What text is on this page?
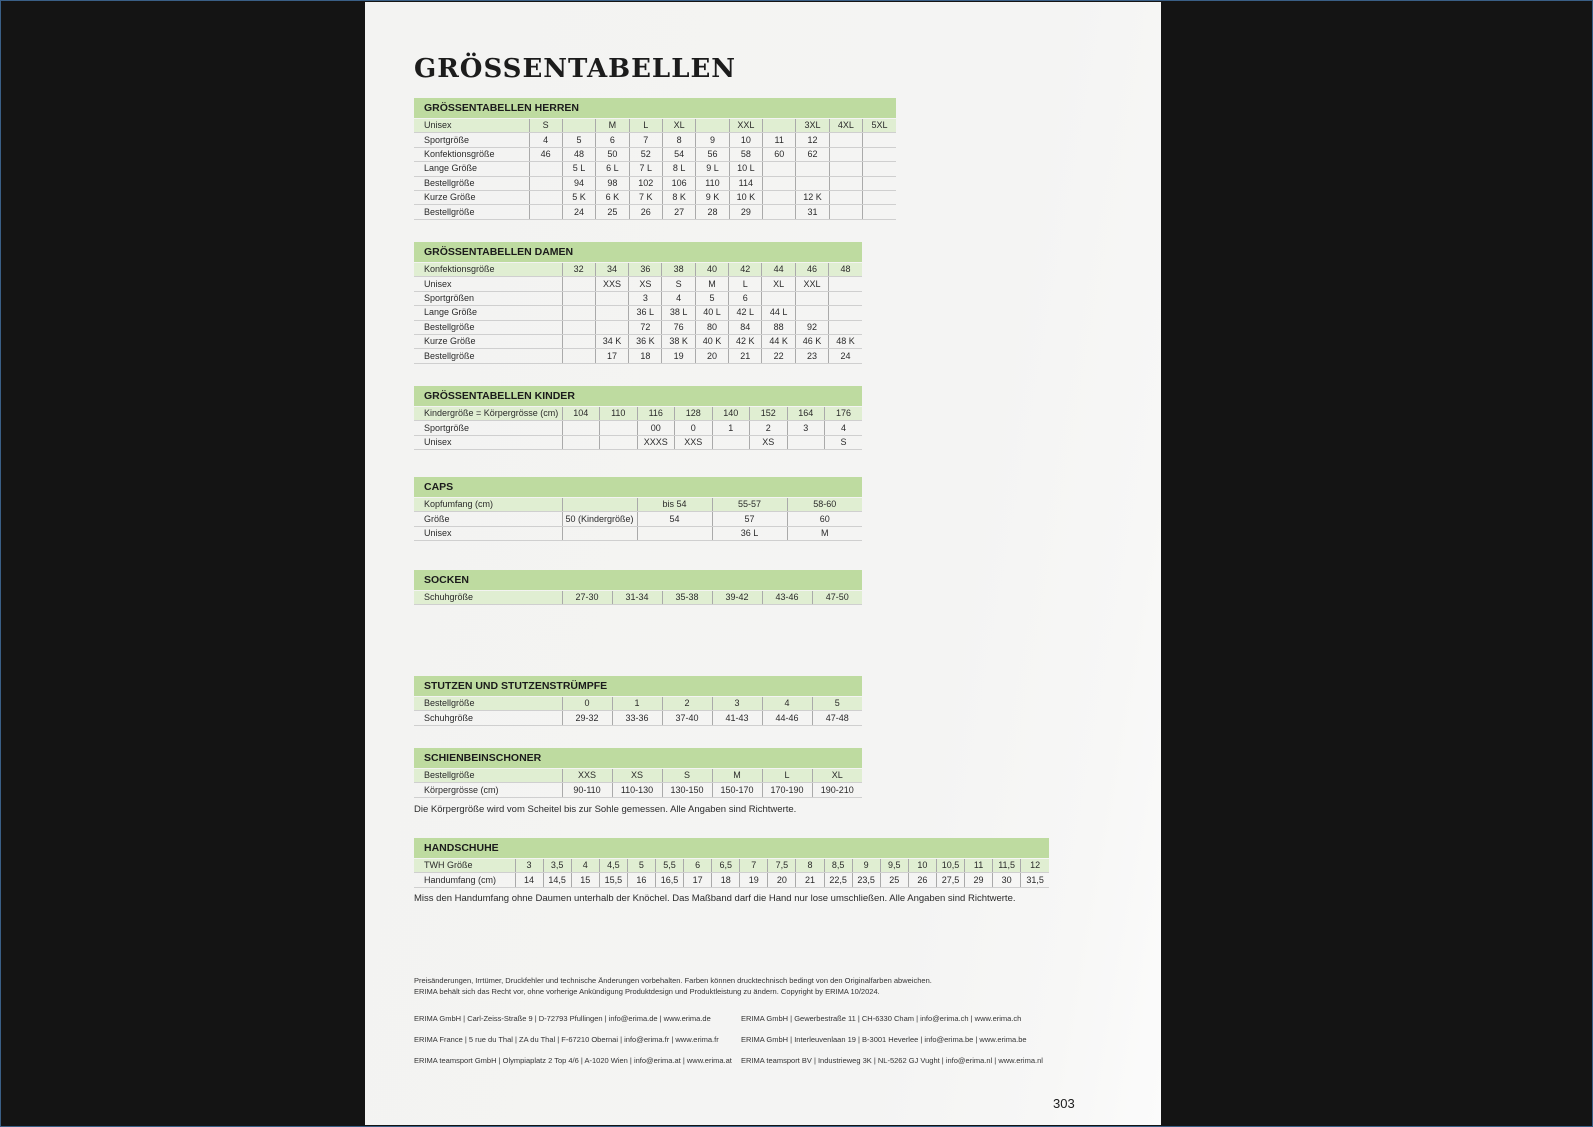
GRÖSSENTABELLEN
GRÖSSENTABELLEN HERREN
Unisex	S		M	L	XL		XXL		3XL	4XL	5XL
Sportgröße	4	5	6	7	8	9	10	11	12		
Konfektionsgröße	46	48	50	52	54	56	58	60	62		
Lange Größe		5 L	6 L	7 L	8 L	9 L	10 L				
Bestellgröße		94	98	102	106	110	114				
Kurze Größe		5 K	6 K	7 K	8 K	9 K	10 K		12 K		
Bestellgröße		24	25	26	27	28	29		31		
GRÖSSENTABELLEN DAMEN
Konfektionsgröße	32	34	36	38	40	42	44	46	48
Unisex		XXS	XS	S	M	L	XL	XXL	
Sportgrößen			3	4	5	6			
Lange Größe			36 L	38 L	40 L	42 L	44 L		
Bestellgröße			72	76	80	84	88	92	
Kurze Größe		34 K	36 K	38 K	40 K	42 K	44 K	46 K	48 K
Bestellgröße		17	18	19	20	21	22	23	24
GRÖSSENTABELLEN KINDER
Kindergröße = Körpergrösse (cm)	104	110	116	128	140	152	164	176
Sportgröße			00	0	1	2	3	4
Unisex			XXXS	XXS		XS		S
CAPS
Kopfumfang (cm)		bis 54	55-57	58-60
Größe	50 (Kindergröße)	54	57	60
Unisex			36 L	M
SOCKEN
Schuhgröße	27-30	31-34	35-38	39-42	43-46	47-50
STUTZEN UND STUTZENSTRÜMPFE
Bestellgröße	0	1	2	3	4	5
Schuhgröße	29-32	33-36	37-40	41-43	44-46	47-48
SCHIENBEINSCHONER
Bestellgröße	XXS	XS	S	M	L	XL
Körpergrösse (cm)	90-110	110-130	130-150	150-170	170-190	190-210
Die Körpergröße wird vom Scheitel bis zur Sohle gemessen. Alle Angaben sind Richtwerte.
HANDSCHUHE
TWH Größe	3	3,5	4	4,5	5	5,5	6	6,5	7	7,5	8	8,5	9	9,5	10	10,5	11	11,5	12
Handumfang (cm)	14	14,5	15	15,5	16	16,5	17	18	19	20	21	22,5	23,5	25	26	27,5	29	30	31,5
Miss den Handumfang ohne Daumen unterhalb der Knöchel. Das Maßband darf die Hand nur lose umschließen. Alle Angaben sind Richtwerte.
Preisänderungen, Irrtümer, Druckfehler und technische Änderungen vorbehalten. Farben können drucktechnisch bedingt von den Originalfarben abweichen.
ERIMA behält sich das Recht vor, ohne vorherige Ankündigung Produktdesign und Produktleistung zu ändern. Copyright by ERIMA 10/2024.
ERIMA GmbH | Carl-Zeiss-Straße 9 | D-72793 Pfullingen | info@erima.de | www.erima.de
ERIMA France | 5 rue du Thal | ZA du Thal | F-67210 Obernai | info@erima.fr | www.erima.fr
ERIMA teamsport GmbH | Olympiaplatz 2 Top 4/6 | A-1020 Wien | info@erima.at | www.erima.at
ERIMA GmbH | Gewerbestraße 11 | CH-6330 Cham | info@erima.ch | www.erima.ch
ERIMA GmbH | Interleuvenlaan 19 | B-3001 Heverlee | info@erima.be | www.erima.be
ERIMA teamsport BV | Industrieweg 3K | NL-5262 GJ Vught | info@erima.nl | www.erima.nl
303
